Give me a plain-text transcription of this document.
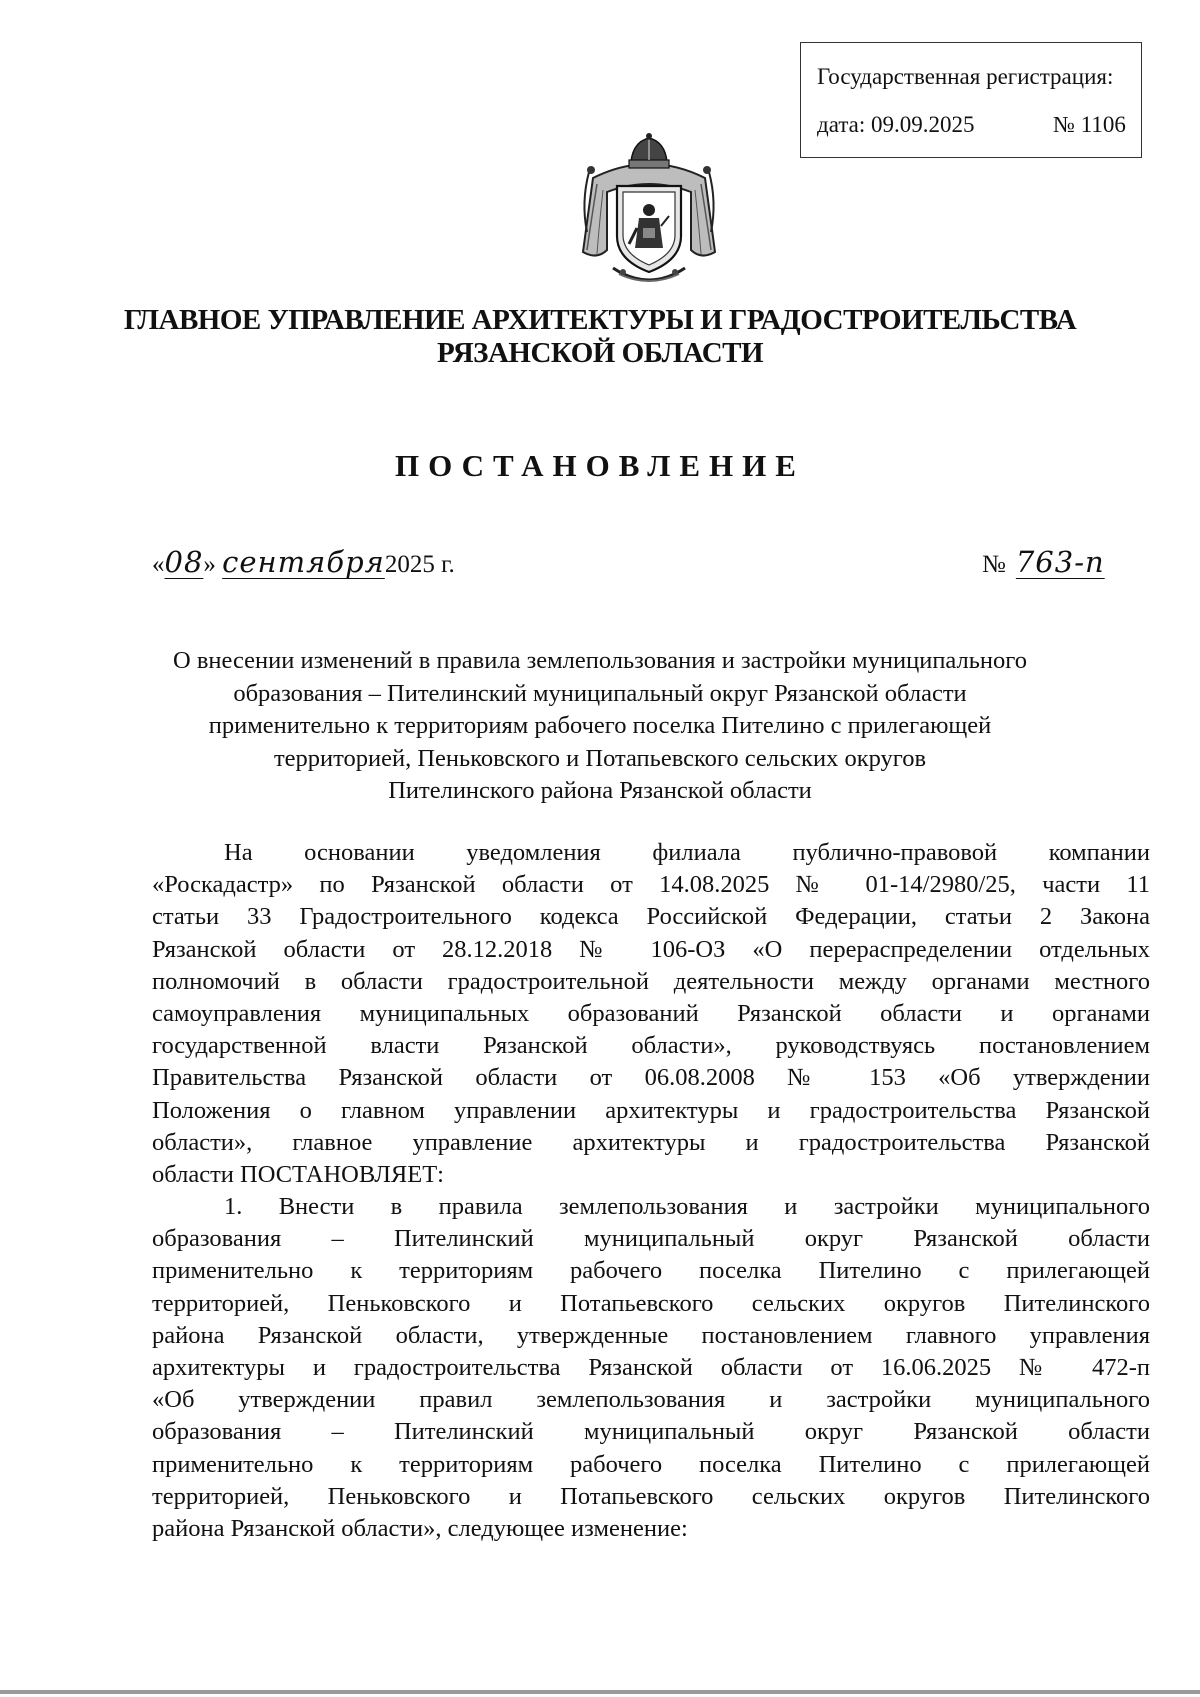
Государственная регистрация:
дата: 09.09.2025	№ 1106
ГЛАВНОЕ УПРАВЛЕНИЕ АРХИТЕКТУРЫ И ГРАДОСТРОИТЕЛЬСТВА
РЯЗАНСКОЙ ОБЛАСТИ
ПОСТАНОВЛЕНИЕ
«08» сентября2025 г.	№ 763-п
О внесении изменений в правила землепользования и застройки муниципального
образования – Пителинский муниципальный округ Рязанской области
применительно к территориям рабочего поселка Пителино с прилегающей
территорией, Пеньковского и Потапьевского сельских округов
Пителинского района Рязанской области
На основании уведомления филиала публично-правовой компании
«Роскадастр» по Рязанской области от 14.08.2025 № 01-14/2980/25, части 11
статьи 33 Градостроительного кодекса Российской Федерации, статьи 2 Закона
Рязанской области от 28.12.2018 № 106-ОЗ «О перераспределении отдельных
полномочий в области градостроительной деятельности между органами местного
самоуправления муниципальных образований Рязанской области и органами
государственной власти Рязанской области», руководствуясь постановлением
Правительства Рязанской области от 06.08.2008 № 153 «Об утверждении
Положения о главном управлении архитектуры и градостроительства Рязанской
области», главное управление архитектуры и градостроительства Рязанской
области ПОСТАНОВЛЯЕТ:
1. Внести в правила землепользования и застройки муниципального
образования – Пителинский муниципальный округ Рязанской области
применительно к территориям рабочего поселка Пителино с прилегающей
территорией, Пеньковского и Потапьевского сельских округов Пителинского
района Рязанской области, утвержденные постановлением главного управления
архитектуры и градостроительства Рязанской области от 16.06.2025 № 472-п
«Об утверждении правил землепользования и застройки муниципального
образования – Пителинский муниципальный округ Рязанской области
применительно к территориям рабочего поселка Пителино с прилегающей
территорией, Пеньковского и Потапьевского сельских округов Пителинского
района Рязанской области», следующее изменение:
